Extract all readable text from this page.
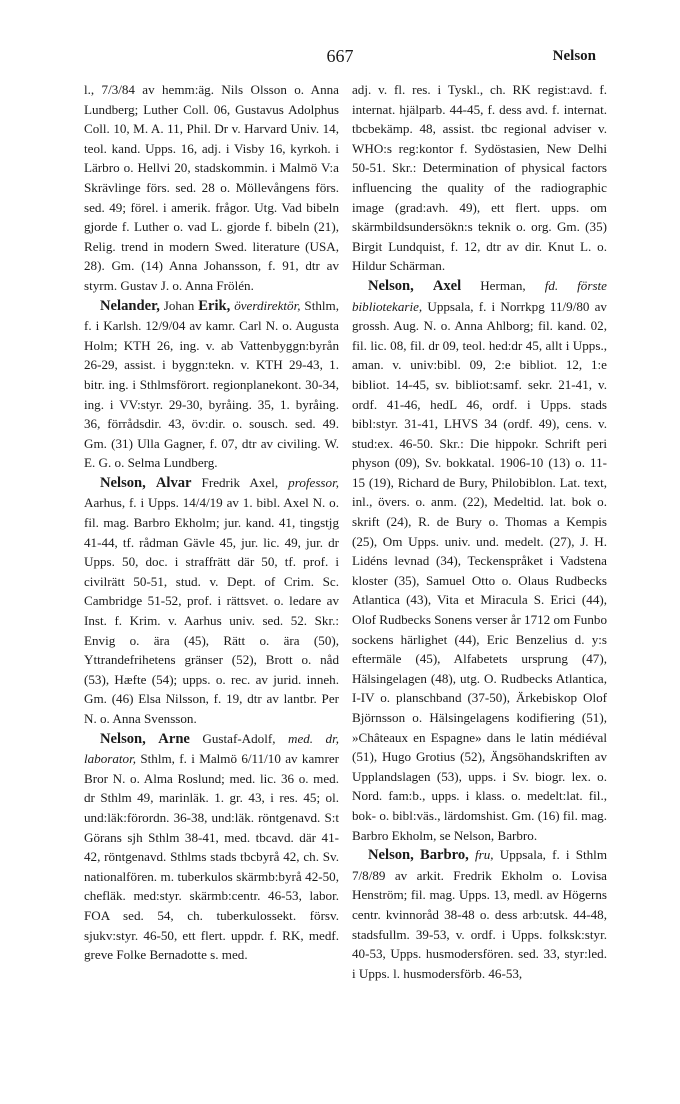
667	Nelson

l., 7/3/84 av hemm:äg. Nils Olsson o. Anna Lundberg; Luther Coll. 06, Gustavus Adolphus Coll. 10, M. A. 11, Phil. Dr v. Harvard Univ. 14, teol. kand. Upps. 16, adj. i Visby 16, kyrkoh. i Lärbro o. Hellvi 20, stadskommin. i Malmö V:a Skrävlinge förs. sed. 28 o. Möllevångens förs. sed. 49; förel. i amerik. frågor. Utg. Vad bibeln gjorde f. Luther o. vad L. gjorde f. bibeln (21), Relig. trend in modern Swed. literature (USA, 28). Gm. (14) Anna Johansson, f. 91, dtr av styrm. Gustav J. o. Anna Frölén.

Nelander, Johan Erik, överdirektör, Sthlm, f. i Karlsh. 12/9/04 av kamr. Carl N. o. Augusta Holm; KTH 26, ing. v. ab Vattenbyggn:byrån 26-29, assist. i byggn:tekn. v. KTH 29-43, 1. bitr. ing. i Sthlmsförort. regionplanekont. 30-34, ing. i VV:styr. 29-30, byråing. 35, 1. byråing. 36, förrådsdir. 43, öv:dir. o. sousch. sed. 49. Gm. (31) Ulla Gagner, f. 07, dtr av civiling. W. E. G. o. Selma Lundberg.

Nelson, Alvar Fredrik Axel, professor, Aarhus, f. i Upps. 14/4/19 av 1. bibl. Axel N. o. fil. mag. Barbro Ekholm; jur. kand. 41, tingstjg 41-44, tf. rådman Gävle 45, jur. lic. 49, jur. dr Upps. 50, doc. i straffrätt där 50, tf. prof. i civilrätt 50-51, stud. v. Dept. of Crim. Sc. Cambridge 51-52, prof. i rättsvet. o. ledare av Inst. f. Krim. v. Aarhus univ. sed. 52. Skr.: Envig o. ära (45), Rätt o. ära (50), Yttrandefrihetens gränser (52), Brott o. nåd (53), Hæfte (54); upps. o. rec. av jurid. inneh. Gm. (46) Elsa Nilsson, f. 19, dtr av lantbr. Per N. o. Anna Svensson.

Nelson, Arne Gustaf-Adolf, med. dr, laborator, Sthlm, f. i Malmö 6/11/10 av kamrer Bror N. o. Alma Roslund; med. lic. 36 o. med. dr Sthlm 49, marinläk. 1. gr. 43, i res. 45; ol. und:läk:förordn. 36-38, und:läk. röntgenavd. S:t Görans sjh Sthlm 38-41, med. tbcavd. där 41-42, röntgenavd. Sthlms stads tbcbyrå 42, ch. Sv. nationalfören. m. tuberkulos skärmb:byrå 42-50, chefläk. med:styr. skärmb:centr. 46-53, labor. FOA sed. 54, ch. tuberkulossekt. försv. sjukv:styr. 46-50, ett flert. uppdr. f. RK, medf. greve Folke Bernadotte s. med.

adj. v. fl. res. i Tyskl., ch. RK regist:avd. f. internat. hjälparb. 44-45, f. dess avd. f. internat. tbcbekämp. 48, assist. tbc regional adviser v. WHO:s reg:kontor f. Sydöstasien, New Delhi 50-51. Skr.: Determination of physical factors influencing the quality of the radiographic image (grad:avh. 49), ett flert. upps. om skärmbildsundersökn:s teknik o. org. Gm. (35) Birgit Lundquist, f. 12, dtr av dir. Knut L. o. Hildur Schärman.

Nelson, Axel Herman, fd. förste bibliotekarie, Uppsala, f. i Norrkpg 11/9/80 av grossh. Aug. N. o. Anna Ahlborg; fil. kand. 02, fil. lic. 08, fil. dr 09, teol. hed:dr 45, allt i Upps., aman. v. univ:bibl. 09, 2:e bibliot. 12, 1:e bibliot. 14-45, sv. bibliot:samf. sekr. 21-41, v. ordf. 41-46, hedL 46, ordf. i Upps. stads bibl:styr. 31-41, LHVS 34 (ordf. 49), cens. v. stud:ex. 46-50. Skr.: Die hippokr. Schrift peri physon (09), Sv. bokkatal. 1906-10 (13) o. 11-15 (19), Richard de Bury, Philobiblon. Lat. text, inl., övers. o. anm. (22), Medeltid. lat. bok o. skrift (24), R. de Bury o. Thomas a Kempis (25), Om Upps. univ. und. medelt. (27), J. H. Lidéns levnad (34), Teckenspråket i Vadstena kloster (35), Samuel Otto o. Olaus Rudbecks Atlantica (43), Vita et Miracula S. Erici (44), Olof Rudbecks Sonens verser år 1712 om Funbo sockens härlighet (44), Eric Benzelius d. y:s eftermäle (45), Alfabetets ursprung (47), Hälsingelagen (48), utg. O. Rudbecks Atlantica, I-IV o. planschband (37-50), Ärkebiskop Olof Björnsson o. Hälsingelagens kodifiering (51), »Châteaux en Espagne» dans le latin médiéval (51), Hugo Grotius (52), Ängsöhandskriften av Upplandslagen (53), upps. i Sv. biogr. lex. o. Nord. fam:b., upps. i klass. o. medelt:lat. fil., bok- o. bibl:väs., lärdomshist. Gm. (16) fil. mag. Barbro Ekholm, se Nelson, Barbro.

Nelson, Barbro, fru, Uppsala, f. i Sthlm 7/8/89 av arkit. Fredrik Ekholm o. Lovisa Henström; fil. mag. Upps. 13, medl. av Högerns centr. kvinnoråd 38-48 o. dess arb:utsk. 44-48, stadsfullm. 39-53, v. ordf. i Upps. folksk:styr. 40-53, Upps. husmodersfören. sed. 33, styr:led. i Upps. l. husmodersförb. 46-53,
